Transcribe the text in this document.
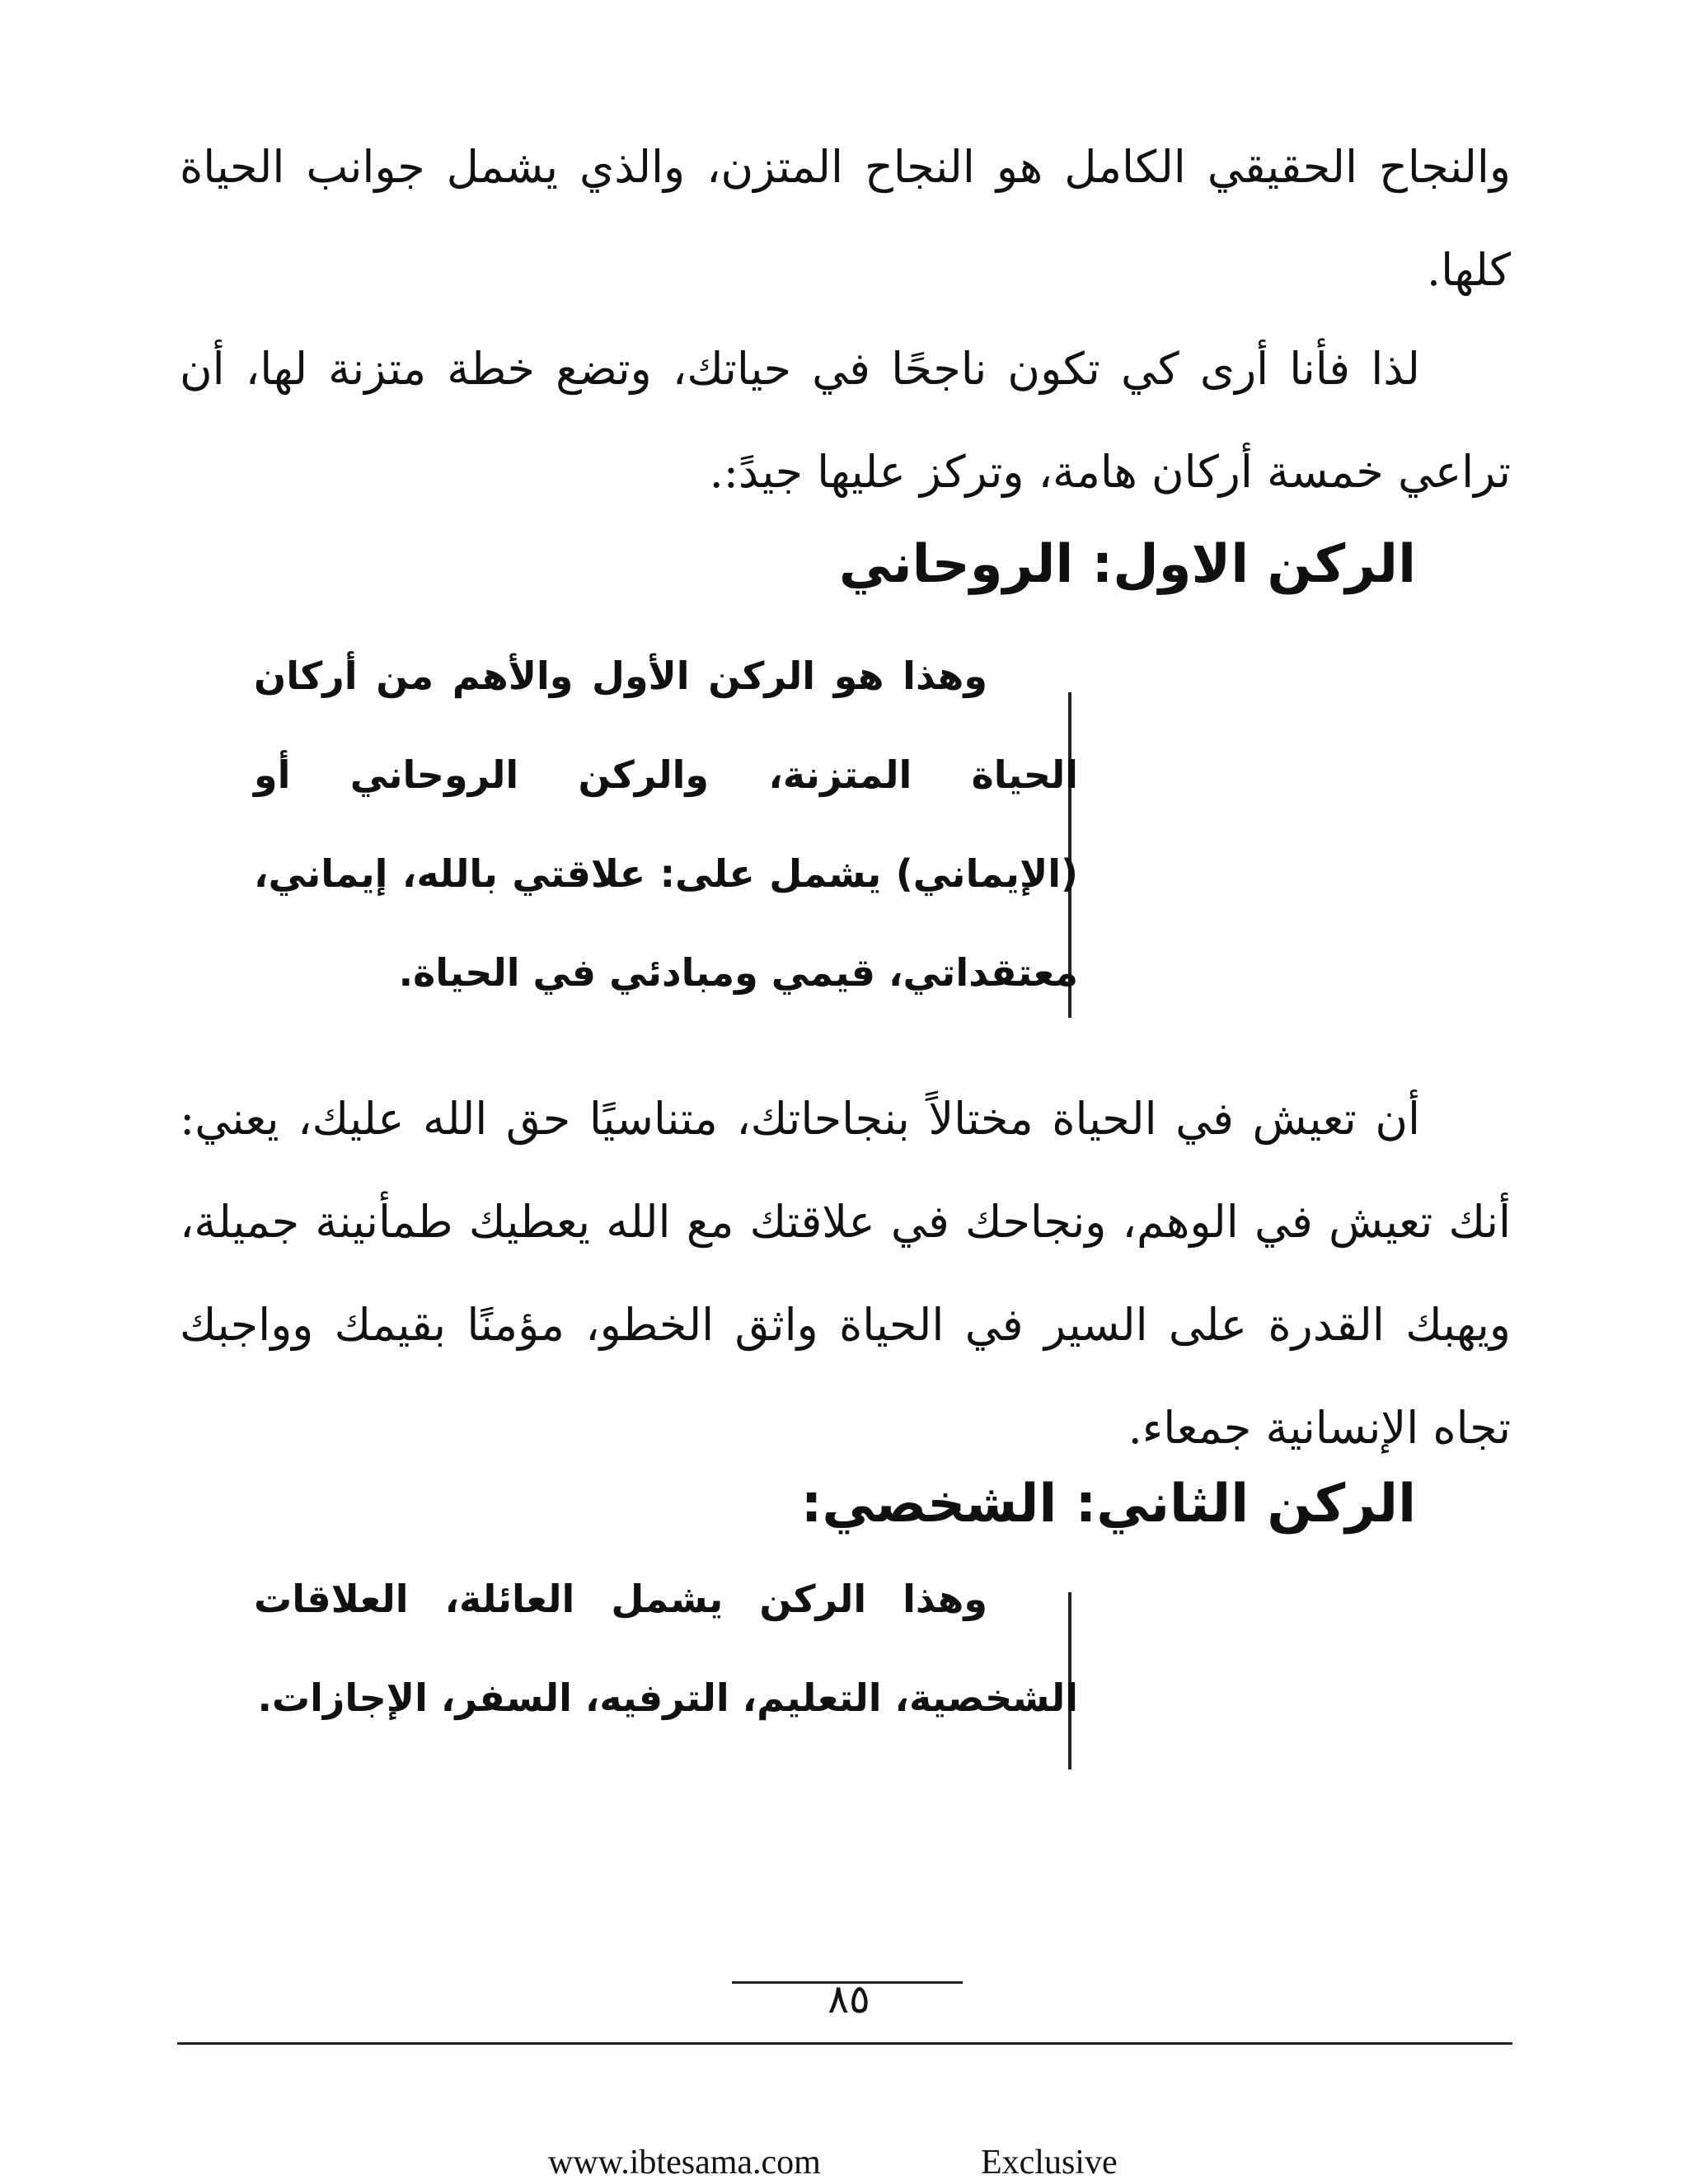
والنجاح الحقيقي الكامل هو النجاح المتزن، والذي يشمل جوانب الحياة كلها.

لذا فأنا أرى كي تكون ناجحًا في حياتك، وتضع خطة متزنة لها، أن تراعي خمسة أركان هامة، وتركز عليها جيدً:.

الركن الاول: الروحاني

وهذا هو الركن الأول والأهم من أركان الحياة المتزنة، والركن الروحاني أو (الإيماني) يشمل على: علاقتي بالله، إيماني، معتقداتي، قيمي ومبادئي في الحياة.

أن تعيش في الحياة مختالاً بنجاحاتك، متناسيًا حق الله عليك، يعني: أنك تعيش في الوهم، ونجاحك في علاقتك مع الله يعطيك طمأنينة جميلة، ويهبك القدرة على السير في الحياة واثق الخطو، مؤمنًا بقيمك وواجبك تجاه الإنسانية جمعاء.

الركن الثاني: الشخصي:

وهذا الركن يشمل العائلة، العلاقات الشخصية، التعليم، الترفيه، السفر، الإجازات.

٨٥
www.ibtesama.com	Exclusive
